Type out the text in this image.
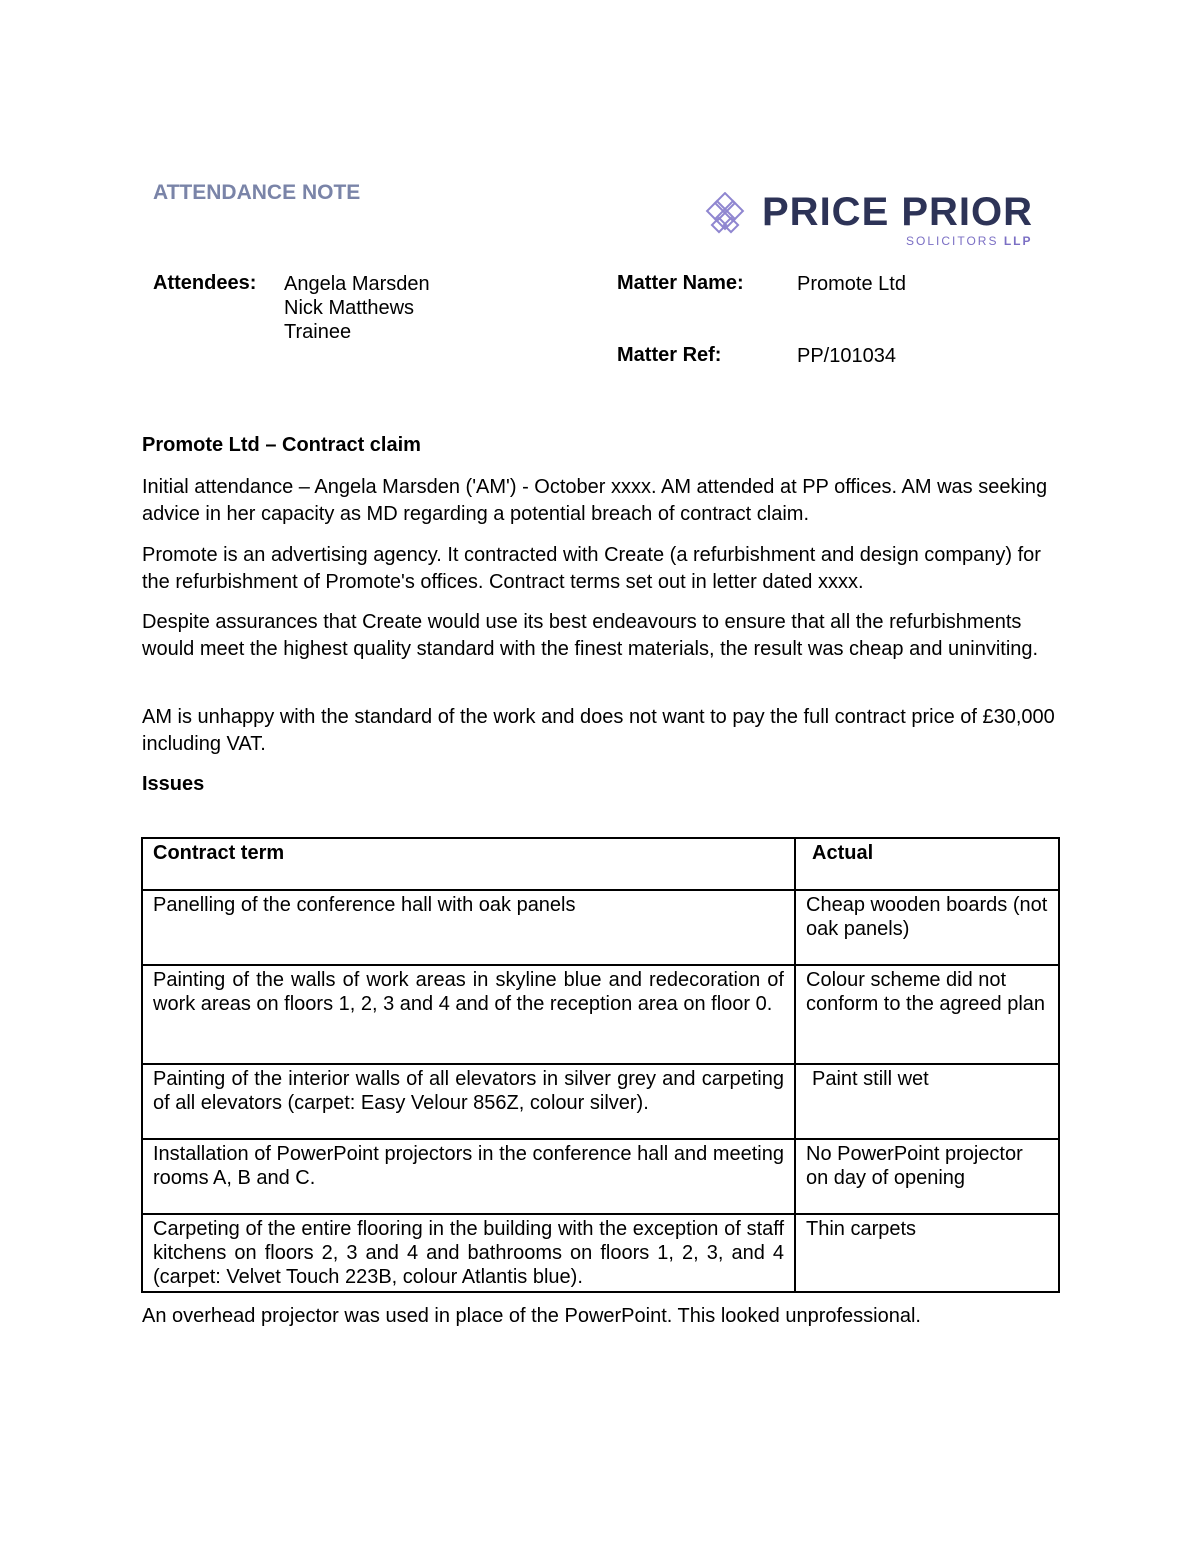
ATTENDANCE NOTE	PRICE PRIOR
SOLICITORS LLP
Attendees: Angela Marsden
Nick Matthews
Trainee
Matter Name:	Promote Ltd
Matter Ref:	PP/101034
Promote Ltd – Contract claim
Initial attendance – Angela Marsden ('AM') - October xxxx. AM attended at PP offices. AM was seeking advice in her capacity as MD regarding a potential breach of contract claim.
Promote is an advertising agency. It contracted with Create (a refurbishment and design company) for the refurbishment of Promote's offices. Contract terms set out in letter dated xxxx.
Despite assurances that Create would use its best endeavours to ensure that all the refurbishments would meet the highest quality standard with the finest materials, the result was cheap and uninviting.
AM is unhappy with the standard of the work and does not want to pay the full contract price of £30,000 including VAT.
Issues
Contract term	Actual
Panelling of the conference hall with oak panels	Cheap wooden boards (not oak panels)
Painting of the walls of work areas in skyline blue and redecoration of work areas on floors 1, 2, 3 and 4 and of the reception area on floor 0.	Colour scheme did not conform to the agreed plan
Painting of the interior walls of all elevators in silver grey and carpeting of all elevators (carpet: Easy Velour 856Z, colour silver).	Paint still wet
Installation of PowerPoint projectors in the conference hall and meeting rooms A, B and C.	No PowerPoint projector on day of opening
Carpeting of the entire flooring in the building with the exception of staff kitchens on floors 2, 3 and 4 and bathrooms on floors 1, 2, 3, and 4 (carpet: Velvet Touch 223B, colour Atlantis blue).	Thin carpets
An overhead projector was used in place of the PowerPoint. This looked unprofessional.
